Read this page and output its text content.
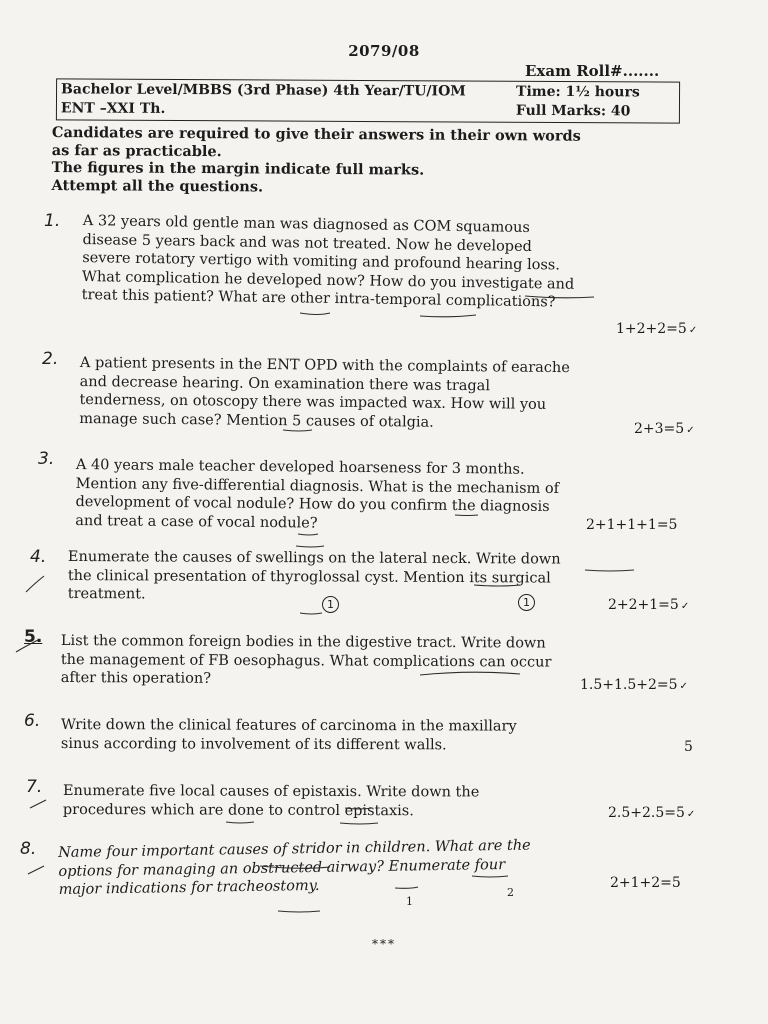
2079/08
Exam Roll#.......
Bachelor Level/MBBS (3rd Phase) 4th Year/TU/IOM
ENT –XXI Th.
Time: 1½ hours
Full Marks: 40
Candidates are required to give their answers in their own words
as far as practicable.
The figures in the margin indicate full marks.
Attempt all the questions.
1. A 32 years old gentle man was diagnosed as COM squamous
disease 5 years back and was not treated. Now he developed
severe rotatory vertigo with vomiting and profound hearing loss.
What complication he developed now? How do you investigate and
treat this patient? What are other intra-temporal complications?
1+2+2=5 ✓
2. A patient presents in the ENT OPD with the complaints of earache
and decrease hearing. On examination there was tragal
tenderness, on otoscopy there was impacted wax. How will you
manage such case? Mention 5 causes of otalgia.	2+3=5 ✓
3. A 40 years male teacher developed hoarseness for 3 months.
Mention any five-differential diagnosis. What is the mechanism of
development of vocal nodule? How do you confirm the diagnosis
and treat a case of vocal nodule?	2+1+1+1=5
4. Enumerate the causes of swellings on the lateral neck. Write down
the clinical presentation of thyroglossal cyst. Mention its surgical
treatment.
1	1	2+2+1=5 ✓
5. List the common foreign bodies in the digestive tract. Write down
the management of FB oesophagus. What complications can occur
after this operation?	1.5+1.5+2=5 ✓
6. Write down the clinical features of carcinoma in the maxillary
sinus according to involvement of its different walls.	5
7. Enumerate five local causes of epistaxis. Write down the
procedures which are done to control epistaxis.	2.5+2.5=5 ✓
8. Name four important causes of stridor in children. What are the
options for managing an obstructed airway? Enumerate four
major indications for tracheostomy.	2+1+2=5
1
2
***
